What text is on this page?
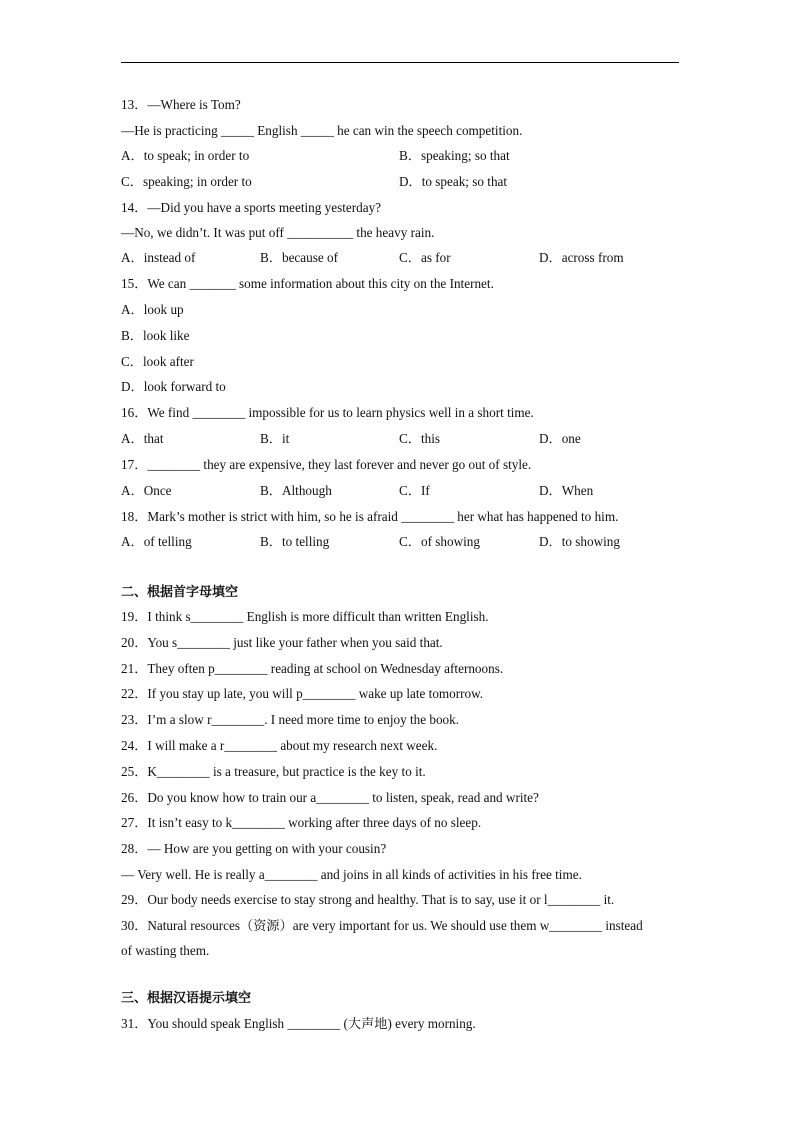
13．—Where is Tom?
—He is practicing _____ English _____ he can win the speech competition.
A．to speak; in order to	B．speaking; so that
C．speaking; in order to	D．to speak; so that
14．—Did you have a sports meeting yesterday?
—No, we didn’t. It was put off __________ the heavy rain.
A．instead of	B．because of	C．as for	D．across from
15．We can _______ some information about this city on the Internet.
A．look up
B．look like
C．look after
D．look forward to
16．We find ________ impossible for us to learn physics well in a short time.
A．that	B．it	C．this	D．one
17．________ they are expensive, they last forever and never go out of style.
A．Once	B．Although	C．If	D．When
18．Mark’s mother is strict with him, so he is afraid ________ her what has happened to him.
A．of telling	B．to telling	C．of showing	D．to showing
二、根据首字母填空
19．I think s________ English is more difficult than written English.
20．You s________ just like your father when you said that.
21．They often p________ reading at school on Wednesday afternoons.
22．If you stay up late, you will p________ wake up late tomorrow.
23．I’m a slow r________. I need more time to enjoy the book.
24．I will make a r________ about my research next week.
25．K________ is a treasure, but practice is the key to it.
26．Do you know how to train our a________ to listen, speak, read and write?
27．It isn’t easy to k________ working after three days of no sleep.
28．— How are you getting on with your cousin?
— Very well. He is really a________ and joins in all kinds of activities in his free time.
29．Our body needs exercise to stay strong and healthy. That is to say, use it or l________ it.
30．Natural resources（资源）are very important for us. We should use them w________ instead
of wasting them.
三、根据汉语提示填空
31．You should speak English ________ (大声地) every morning.
